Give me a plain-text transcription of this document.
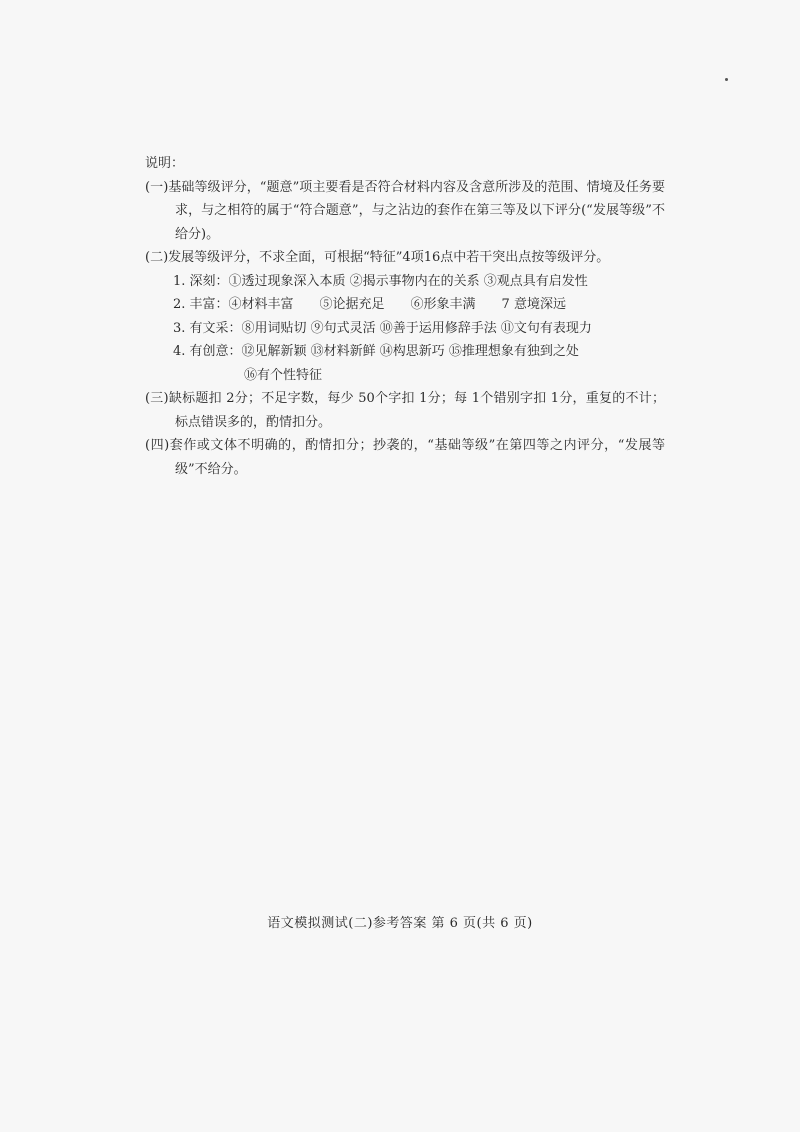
说明：
(一)基础等级评分，“题意”项主要看是否符合材料内容及含意所涉及的范围、情境及任务要求，与之相符的属于“符合题意”，与之沾边的套作在第三等及以下评分(“发展等级”不给分)。
(二)发展等级评分，不求全面，可根据“特征”4项16点中若干突出点按等级评分。
1. 深刻：①透过现象深入本质 ②揭示事物内在的关系 ③观点具有启发性
2. 丰富：④材料丰富　　⑤论据充足　　⑥形象丰满　　7 意境深远
3. 有文采：⑧用词贴切 ⑨句式灵活 ⑩善于运用修辞手法 ⑪文句有表现力
4. 有创意：⑫见解新颖 ⑬材料新鲜 ⑭构思新巧 ⑮推理想象有独到之处
⑯有个性特征
(三)缺标题扣 2分；不足字数，每少 50个字扣 1分；每 1个错别字扣 1分，重复的不计；标点错误多的，酌情扣分。
(四)套作或文体不明确的，酌情扣分；抄袭的，“基础等级”在第四等之内评分，“发展等级”不给分。
语文模拟测试(二)参考答案 第 6 页(共 6 页)
